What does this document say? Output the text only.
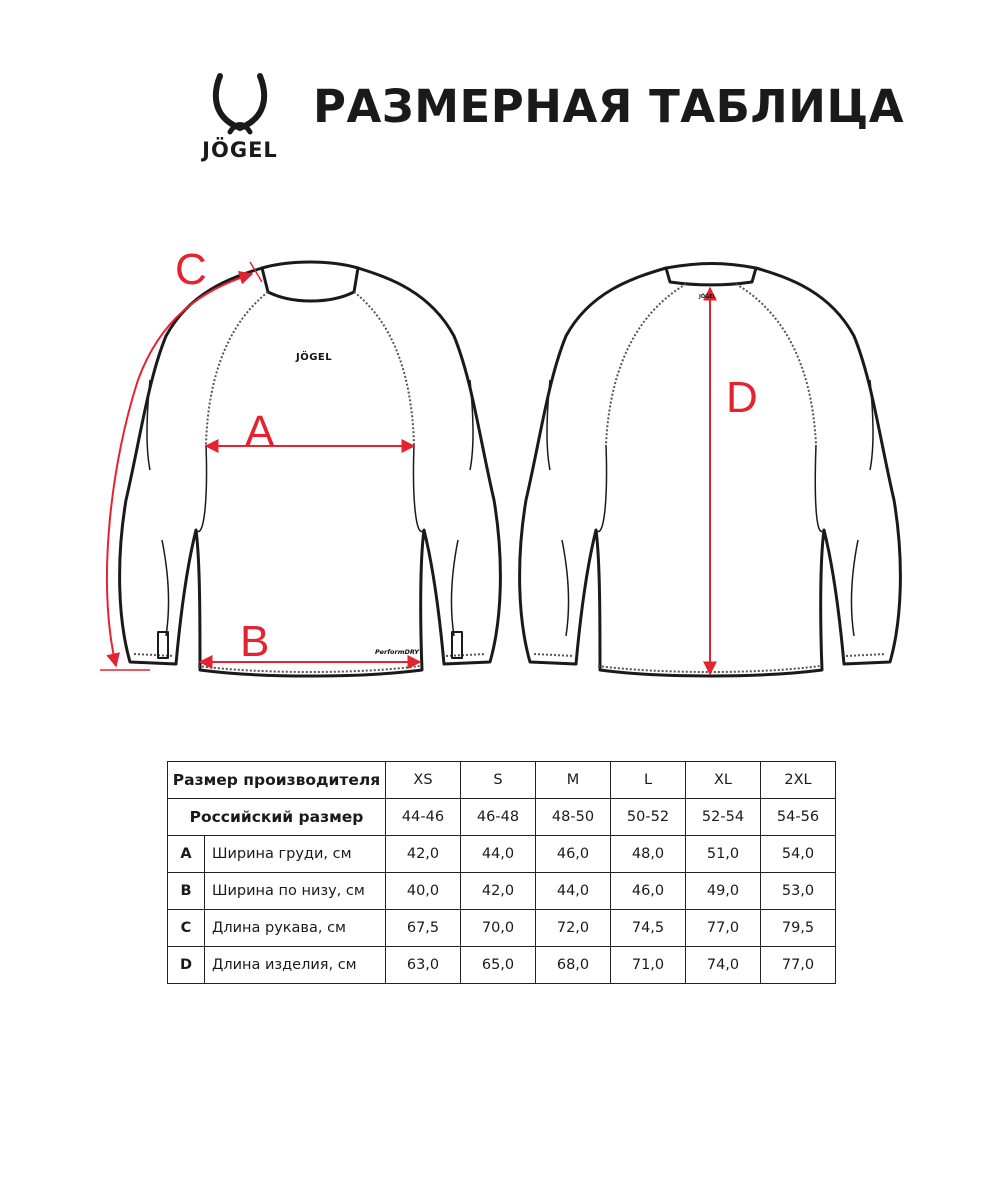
JÖGEL
РАЗМЕРНАЯ ТАБЛИЦА
A
B
C
D
JÖGEL
PerformDRY
JÖGEL
Размер производителя		XS	S	M	L	XL	2XL
Российский размер		44-46	46-48	48-50	50-52	52-54	54-56
A	Ширина груди, см	42,0	44,0	46,0	48,0	51,0	54,0
B	Ширина по низу, см	40,0	42,0	44,0	46,0	49,0	53,0
C	Длина рукава, см	67,5	70,0	72,0	74,5	77,0	79,5
D	Длина изделия, см	63,0	65,0	68,0	71,0	74,0	77,0
